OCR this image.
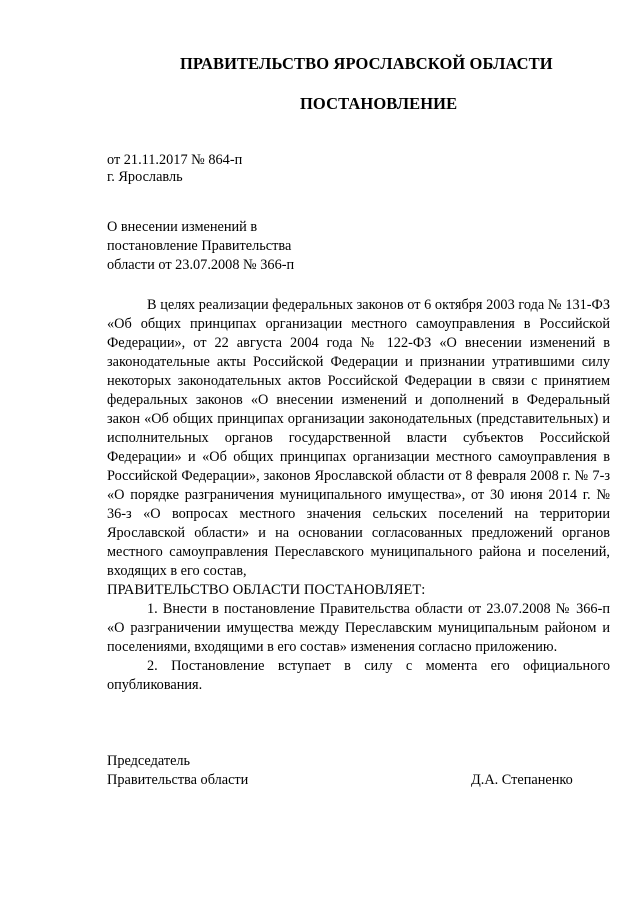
ПРАВИТЕЛЬСТВО ЯРОСЛАВСКОЙ ОБЛАСТИ
ПОСТАНОВЛЕНИЕ
от 21.11.2017 № 864-п
г. Ярославль
О внесении изменений в
постановление Правительства
области от 23.07.2008 № 366-п

В целях реализации федеральных законов от 6 октября 2003 года № 131-ФЗ «Об общих принципах организации местного самоуправления в Российской Федерации», от 22 августа 2004 года № 122-ФЗ «О внесении изменений в законодательные акты Российской Федерации и признании утратившими силу некоторых законодательных актов Российской Федерации в связи с принятием федеральных законов «О внесении изменений и дополнений в Федеральный закон «Об общих принципах организации законодательных (представительных) и исполнительных органов государственной власти субъектов Российской Федерации» и «Об общих принципах организации местного самоуправления в Российской Федерации», законов Ярославской области от 8 февраля 2008 г. № 7-з «О порядке разграничения муниципального имущества», от 30 июня 2014 г. № 36-з «О вопросах местного значения сельских поселений на территории Ярославской области» и на основании согласованных предложений органов местного самоуправления Переславского муниципального района и поселений, входящих в его состав,

ПРАВИТЕЛЬСТВО ОБЛАСТИ ПОСТАНОВЛЯЕТ:

1. Внести в постановление Правительства области от 23.07.2008 № 366-п «О разграничении имущества между Переславским муниципальным районом и поселениями, входящими в его состав» изменения согласно приложению.

2. Постановление вступает в силу с момента его официального опубликования.

Председатель
Правительства области	Д.А. Степаненко
